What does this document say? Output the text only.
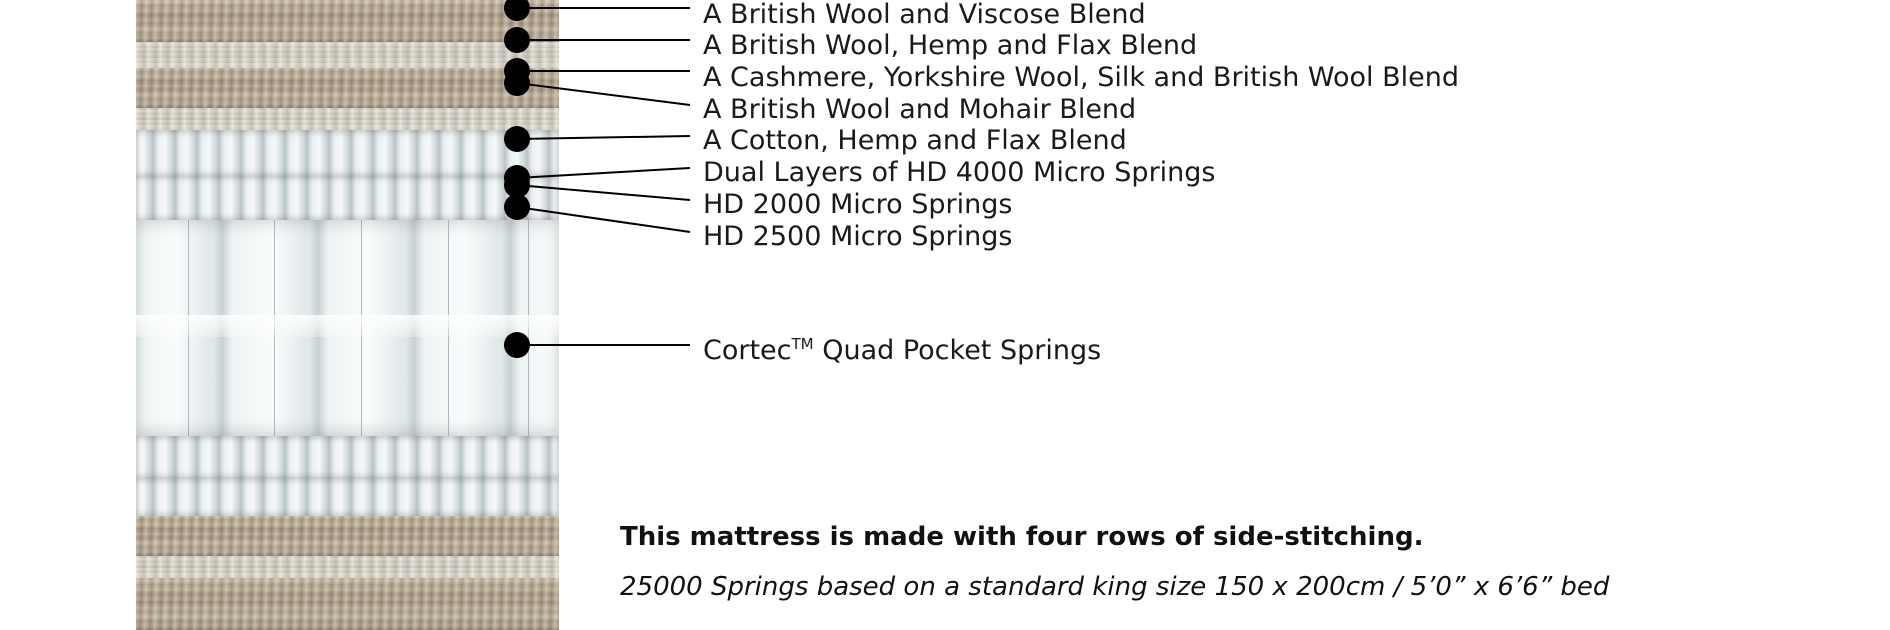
A British Wool and Viscose Blend
A British Wool, Hemp and Flax Blend
A Cashmere, Yorkshire Wool, Silk and British Wool Blend
A British Wool and Mohair Blend
A Cotton, Hemp and Flax Blend
Dual Layers of HD 4000 Micro Springs
HD 2000 Micro Springs
HD 2500 Micro Springs
Cortec™ Quad Pocket Springs
This mattress is made with four rows of side-stitching.
25000 Springs based on a standard king size 150 x 200cm / 5’0” x 6’6” bed
